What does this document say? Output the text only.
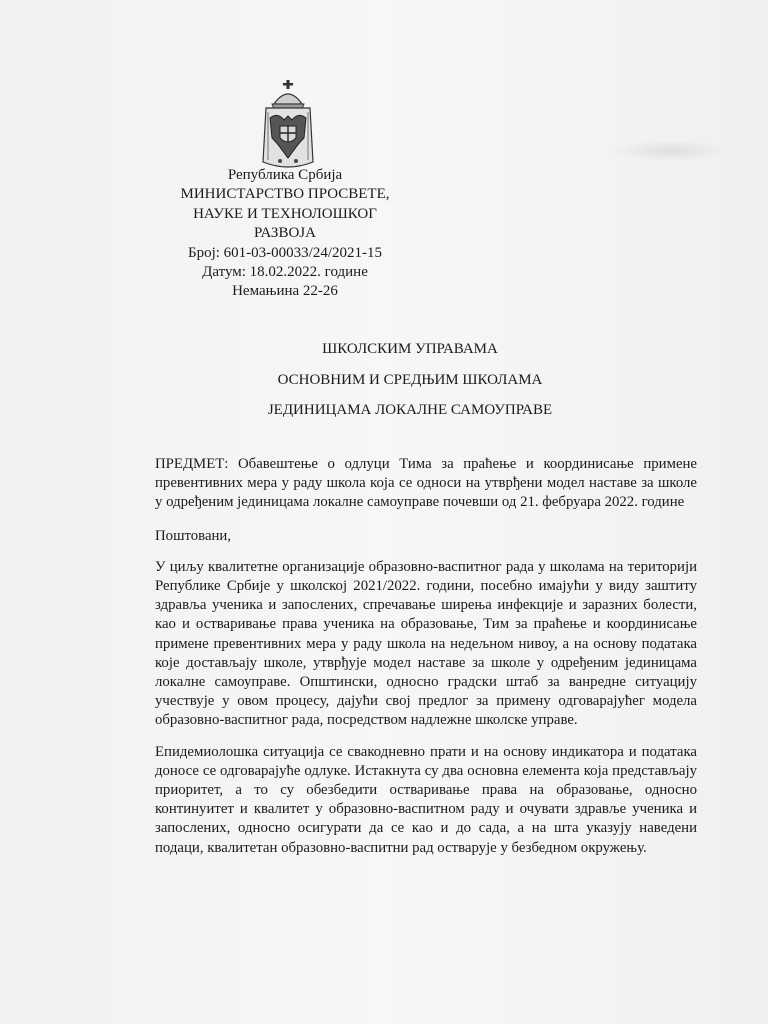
Република Србија
МИНИСТАРСТВО ПРОСВЕТЕ,
НАУКЕ И ТЕХНОЛОШКОГ
РАЗВОЈА
Број: 601-03-00033/24/2021-15
Датум: 18.02.2022. године
Немањина 22-26
ШКОЛСКИМ УПРАВАМА
ОСНОВНИМ И СРЕДЊИМ ШКОЛАМА
ЈЕДИНИЦАМА ЛОКАЛНЕ САМОУПРАВЕ

ПРЕДМЕТ: Обавештење о одлуци Тима за праћење и координисање примене превентивних мера у раду школа која се односи на утврђени модел наставе за школе у одређеним јединицама локалне самоуправе почевши од 21. фебруара 2022. године

Поштовани,

У циљу квалитетне организације образовно-васпитног рада у школама на територији Републике Србије у школској 2021/2022. години, посебно имајући у виду заштиту здравља ученика и запослених, спречавање ширења инфекције и заразних болести, као и остваривање права ученика на образовање, Тим за праћење и координисање примене превентивних мера у раду школа на недељном нивоу, а на основу података које достављају школе, утврђује модел наставе за школе у одређеним јединицама локалне самоуправе. Општински, односно градски штаб за ванредне ситуацију учествује у овом процесу, дајући свој предлог за примену одговарајућег модела образовно-васпитног рада, посредством надлежне школске управе.

Епидемиолошка ситуација се свакодневно прати и на основу индикатора и података доносе се одговарајуће одлуке. Истакнута су два основна елемента која представљају приоритет, а то су обезбедити остваривање права на образовање, односно континуитет и квалитет у образовно-васпитном раду и очувати здравље ученика и запослених, односно осигурати да се као и до сада, а на шта указују наведени подаци, квалитетан образовно-васпитни рад остварује у безбедном окружењу.
